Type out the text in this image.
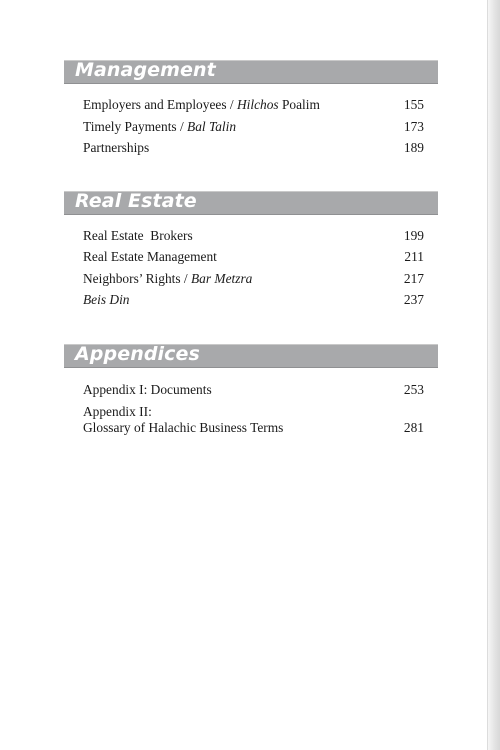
Management
Employers and Employees / Hilchos Poalim	155
Timely Payments / Bal Talin	173
Partnerships	189
Real Estate
Real Estate  Brokers	199
Real Estate Management	211
Neighbors’ Rights / Bar Metzra	217
Beis Din	237
Appendices
Appendix I: Documents	253
Appendix II:
Glossary of Halachic Business Terms	281
